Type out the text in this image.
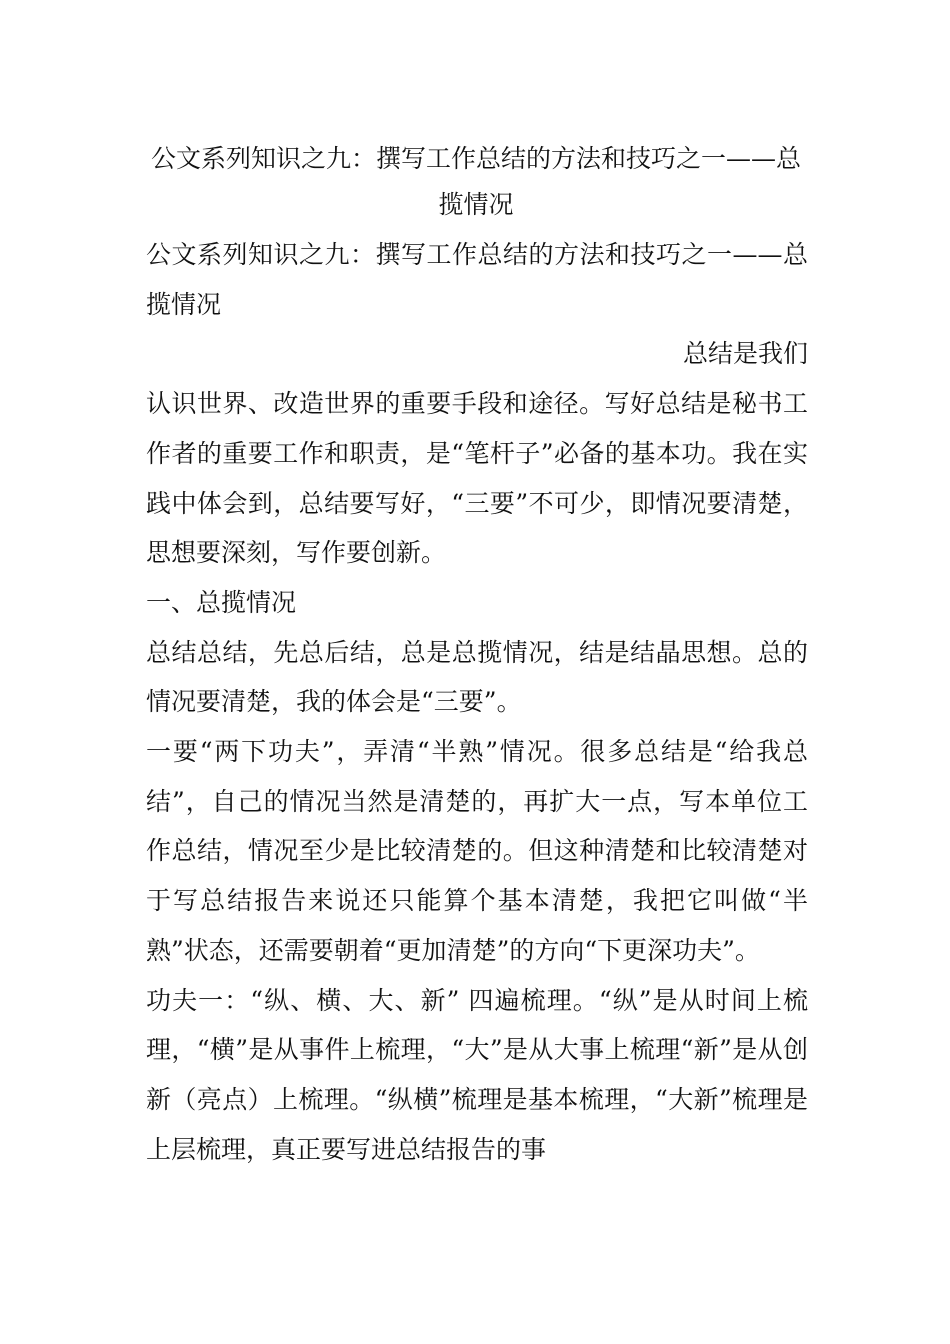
公文系列知识之九：撰写工作总结的方法和技巧之一——总揽情况

公文系列知识之九：撰写工作总结的方法和技巧之一——总揽情况

总结是我们

认识世界、改造世界的重要手段和途径。写好总结是秘书工作者的重要工作和职责，是“笔杆子”必备的基本功。我在实践中体会到，总结要写好，“三要”不可少，即情况要清楚，思想要深刻，写作要创新。

一、总揽情况

总结总结，先总后结，总是总揽情况，结是结晶思想。总的情况要清楚，我的体会是“三要”。

一要“两下功夫”，弄清“半熟”情况。很多总结是“给我总结”，自己的情况当然是清楚的，再扩大一点，写本单位工作总结，情况至少是比较清楚的。但这种清楚和比较清楚对于写总结报告来说还只能算个基本清楚，我把它叫做“半熟”状态，还需要朝着“更加清楚”的方向“下更深功夫”。

功夫一：“纵、横、大、新” 四遍梳理。“纵”是从时间上梳理，“横”是从事件上梳理，“大”是从大事上梳理“新”是从创新（亮点）上梳理。“纵横”梳理是基本梳理，“大新”梳理是上层梳理，真正要写进总结报告的事
